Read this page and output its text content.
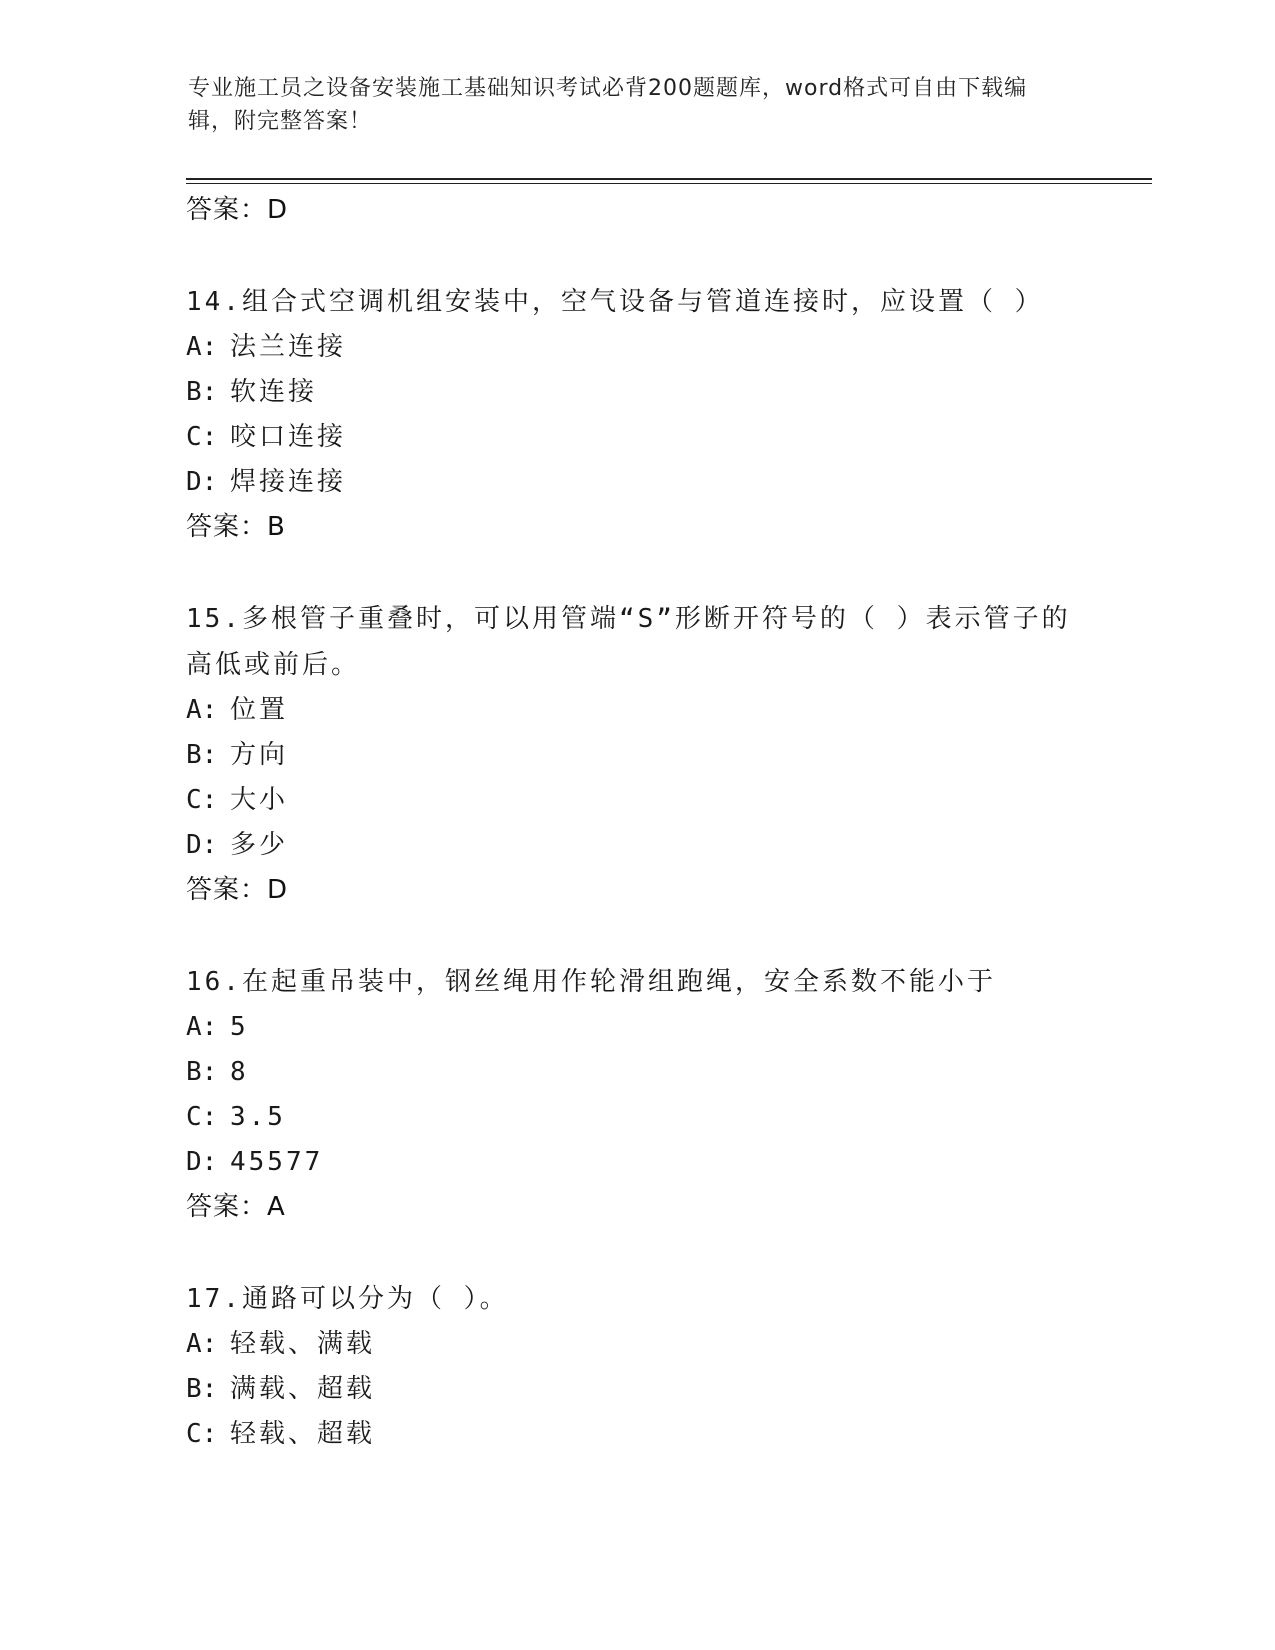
专业施工员之设备安装施工基础知识考试必背200题题库，word格式可自由下载编辑，附完整答案！
答案：D
14.组合式空调机组安装中，空气设备与管道连接时，应设置（ ）
A: 法兰连接
B: 软连接
C: 咬口连接
D: 焊接连接
答案：B
15.多根管子重叠时，可以用管端“S”形断开符号的（ ）表示管子的高低或前后。
A: 位置
B: 方向
C: 大小
D: 多少
答案：D
16.在起重吊装中，钢丝绳用作轮滑组跑绳，安全系数不能小于
A: 5
B: 8
C: 3.5
D: 45577
答案：A
17.通路可以分为（ ）。
A: 轻载、满载
B: 满载、超载
C: 轻载、超载
